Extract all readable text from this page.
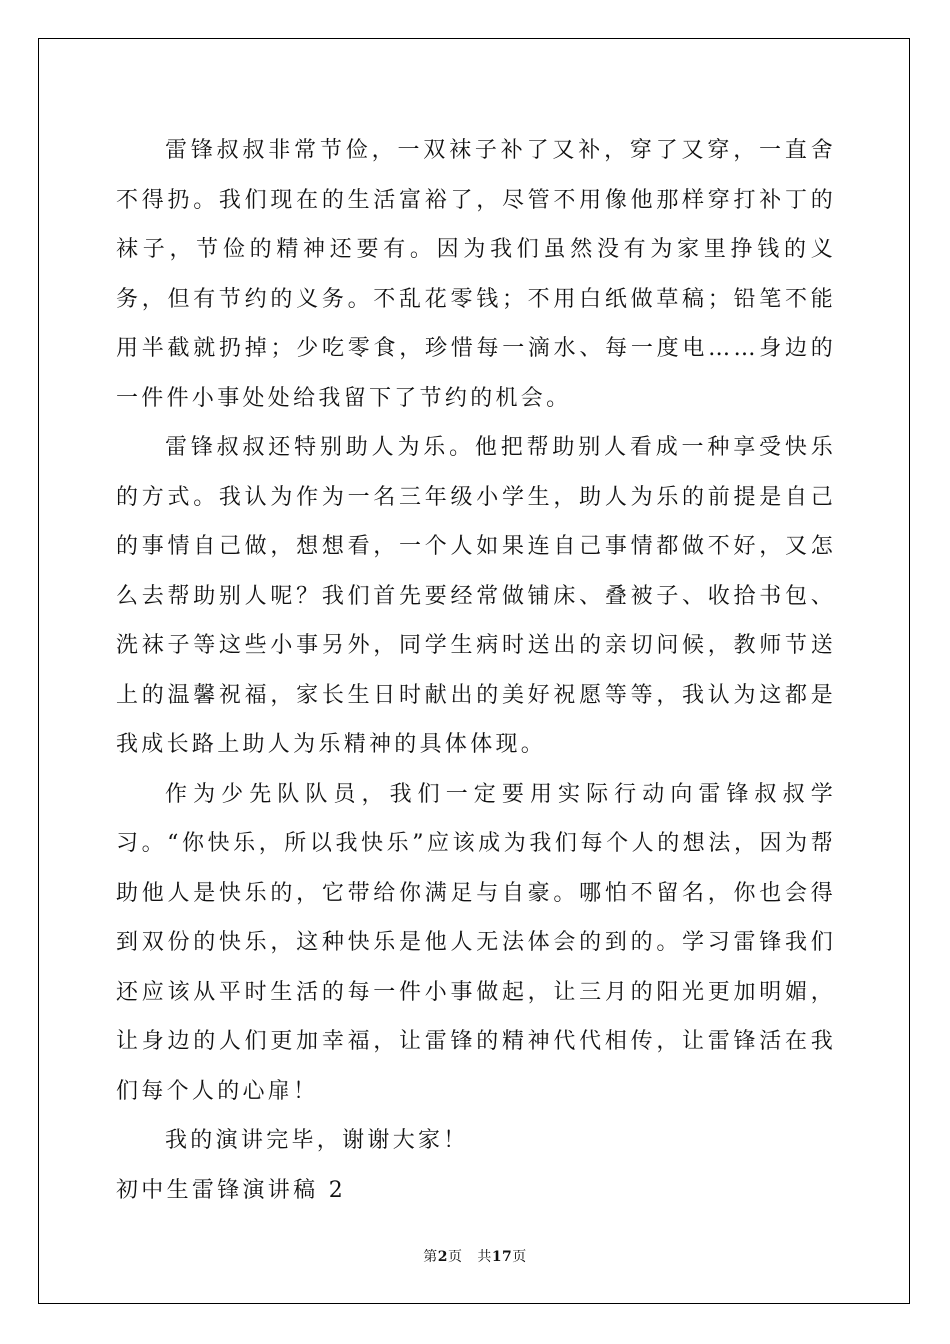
雷锋叔叔非常节俭，一双袜子补了又补，穿了又穿，一直舍不得扔。我们现在的生活富裕了，尽管不用像他那样穿打补丁的袜子，节俭的精神还要有。因为我们虽然没有为家里挣钱的义务，但有节约的义务。不乱花零钱；不用白纸做草稿；铅笔不能用半截就扔掉；少吃零食，珍惜每一滴水、每一度电……身边的一件件小事处处给我留下了节约的机会。

雷锋叔叔还特别助人为乐。他把帮助别人看成一种享受快乐的方式。我认为作为一名三年级小学生，助人为乐的前提是自己的事情自己做，想想看，一个人如果连自己事情都做不好，又怎么去帮助别人呢？我们首先要经常做铺床、叠被子、收拾书包、洗袜子等这些小事另外，同学生病时送出的亲切问候，教师节送上的温馨祝福，家长生日时献出的美好祝愿等等，我认为这都是我成长路上助人为乐精神的具体体现。

作为少先队队员，我们一定要用实际行动向雷锋叔叔学习。“你快乐，所以我快乐”应该成为我们每个人的想法，因为帮助他人是快乐的，它带给你满足与自豪。哪怕不留名，你也会得到双份的快乐，这种快乐是他人无法体会的到的。学习雷锋我们还应该从平时生活的每一件小事做起，让三月的阳光更加明媚，让身边的人们更加幸福，让雷锋的精神代代相传，让雷锋活在我们每个人的心扉！

我的演讲完毕，谢谢大家！

初中生雷锋演讲稿 2

第2页 共17页
